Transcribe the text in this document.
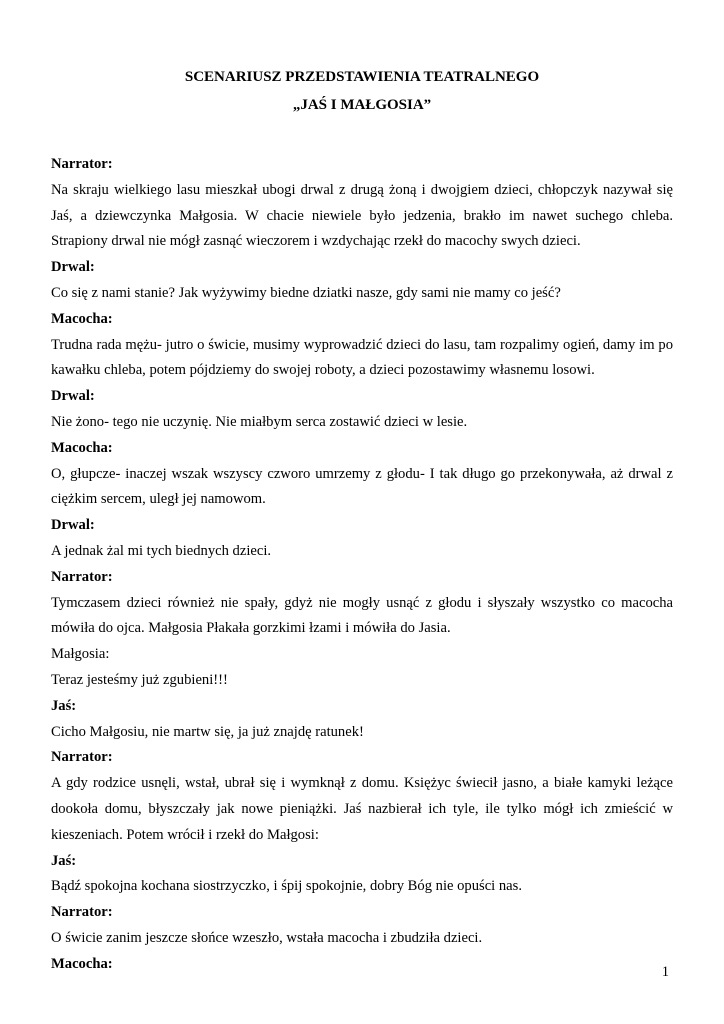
SCENARIUSZ PRZEDSTAWIENIA TEATRALNEGO
„JAŚ I MAŁGOSIA”

Narrator:

Na skraju wielkiego lasu mieszkał ubogi drwal z drugą żoną i dwojgiem dzieci, chłopczyk nazywał się Jaś, a dziewczynka Małgosia. W chacie niewiele było jedzenia, brakło im nawet suchego chleba. Strapiony drwal nie mógł zasnąć wieczorem i wzdychając rzekł do macochy swych dzieci.

Drwal:

Co się z nami stanie? Jak wyżywimy biedne dziatki nasze, gdy sami nie mamy co jeść?

Macocha:

Trudna rada mężu- jutro o świcie, musimy wyprowadzić dzieci do lasu, tam rozpalimy ogień, damy im po kawałku chleba, potem pójdziemy do swojej roboty, a dzieci pozostawimy własnemu losowi.

Drwal:

Nie żono- tego nie uczynię. Nie miałbym serca zostawić dzieci w lesie.

Macocha:

O, głupcze- inaczej wszak wszyscy czworo umrzemy z głodu- I tak długo go przekonywała, aż drwal z ciężkim sercem, uległ jej namowom.

Drwal:

A jednak żal mi tych biednych dzieci.

Narrator:

Tymczasem dzieci również nie spały, gdyż nie mogły usnąć z głodu i słyszały wszystko co macocha mówiła do ojca. Małgosia Płakała gorzkimi łzami i mówiła do Jasia.

Małgosia:

Teraz jesteśmy już zgubieni!!!

Jaś:

Cicho Małgosiu, nie martw się, ja już znajdę ratunek!

Narrator:

A gdy rodzice usnęli, wstał, ubrał się i wymknął z domu. Księżyc świecił jasno, a białe kamyki leżące dookoła domu, błyszczały jak nowe pieniążki. Jaś nazbierał ich tyle, ile tylko mógł ich zmieścić w kieszeniach. Potem wrócił i rzekł do Małgosi:

Jaś:

Bądź spokojna kochana siostrzyczko, i śpij spokojnie, dobry Bóg nie opuści nas.

Narrator:

O świcie zanim jeszcze słońce wzeszło, wstała macocha i zbudziła dzieci.

Macocha:

1
